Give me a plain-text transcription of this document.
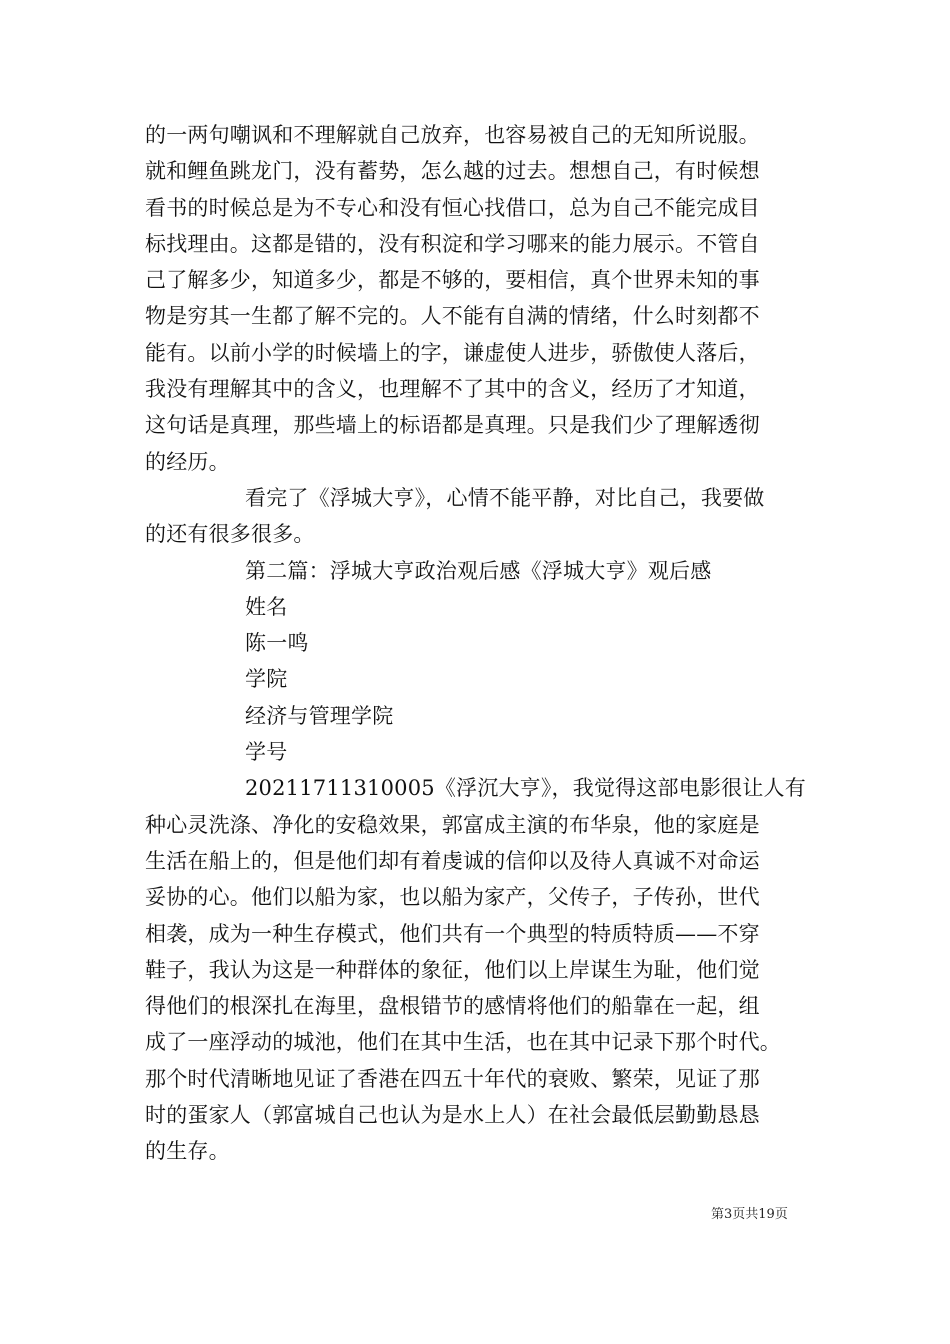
的一两句嘲讽和不理解就自己放弃，也容易被自己的无知所说服。
就和鲤鱼跳龙门，没有蓄势，怎么越的过去。想想自己，有时候想
看书的时候总是为不专心和没有恒心找借口，总为自己不能完成目
标找理由。这都是错的，没有积淀和学习哪来的能力展示。不管自
己了解多少，知道多少，都是不够的，要相信，真个世界未知的事
物是穷其一生都了解不完的。人不能有自满的情绪，什么时刻都不
能有。以前小学的时候墙上的字，谦虚使人进步，骄傲使人落后，
我没有理解其中的含义，也理解不了其中的含义，经历了才知道，
这句话是真理，那些墙上的标语都是真理。只是我们少了理解透彻
的经历。
看完了《浮城大亨》，心情不能平静，对比自己，我要做
的还有很多很多。
第二篇：浮城大亨政治观后感《浮城大亨》观后感
姓名
陈一鸣
学院
经济与管理学院
学号
20211711310005《浮沉大亨》，我觉得这部电影很让人有
种心灵洗涤、净化的安稳效果，郭富成主演的布华泉，他的家庭是
生活在船上的，但是他们却有着虔诚的信仰以及待人真诚不对命运
妥协的心。他们以船为家，也以船为家产，父传子，子传孙，世代
相袭，成为一种生存模式，他们共有一个典型的特质特质——不穿
鞋子，我认为这是一种群体的象征，他们以上岸谋生为耻，他们觉
得他们的根深扎在海里，盘根错节的感情将他们的船靠在一起，组
成了一座浮动的城池，他们在其中生活，也在其中记录下那个时代。
那个时代清晰地见证了香港在四五十年代的衰败、繁荣，见证了那
时的蛋家人（郭富城自己也认为是水上人）在社会最低层勤勤恳恳
的生存。
第3页共19页
